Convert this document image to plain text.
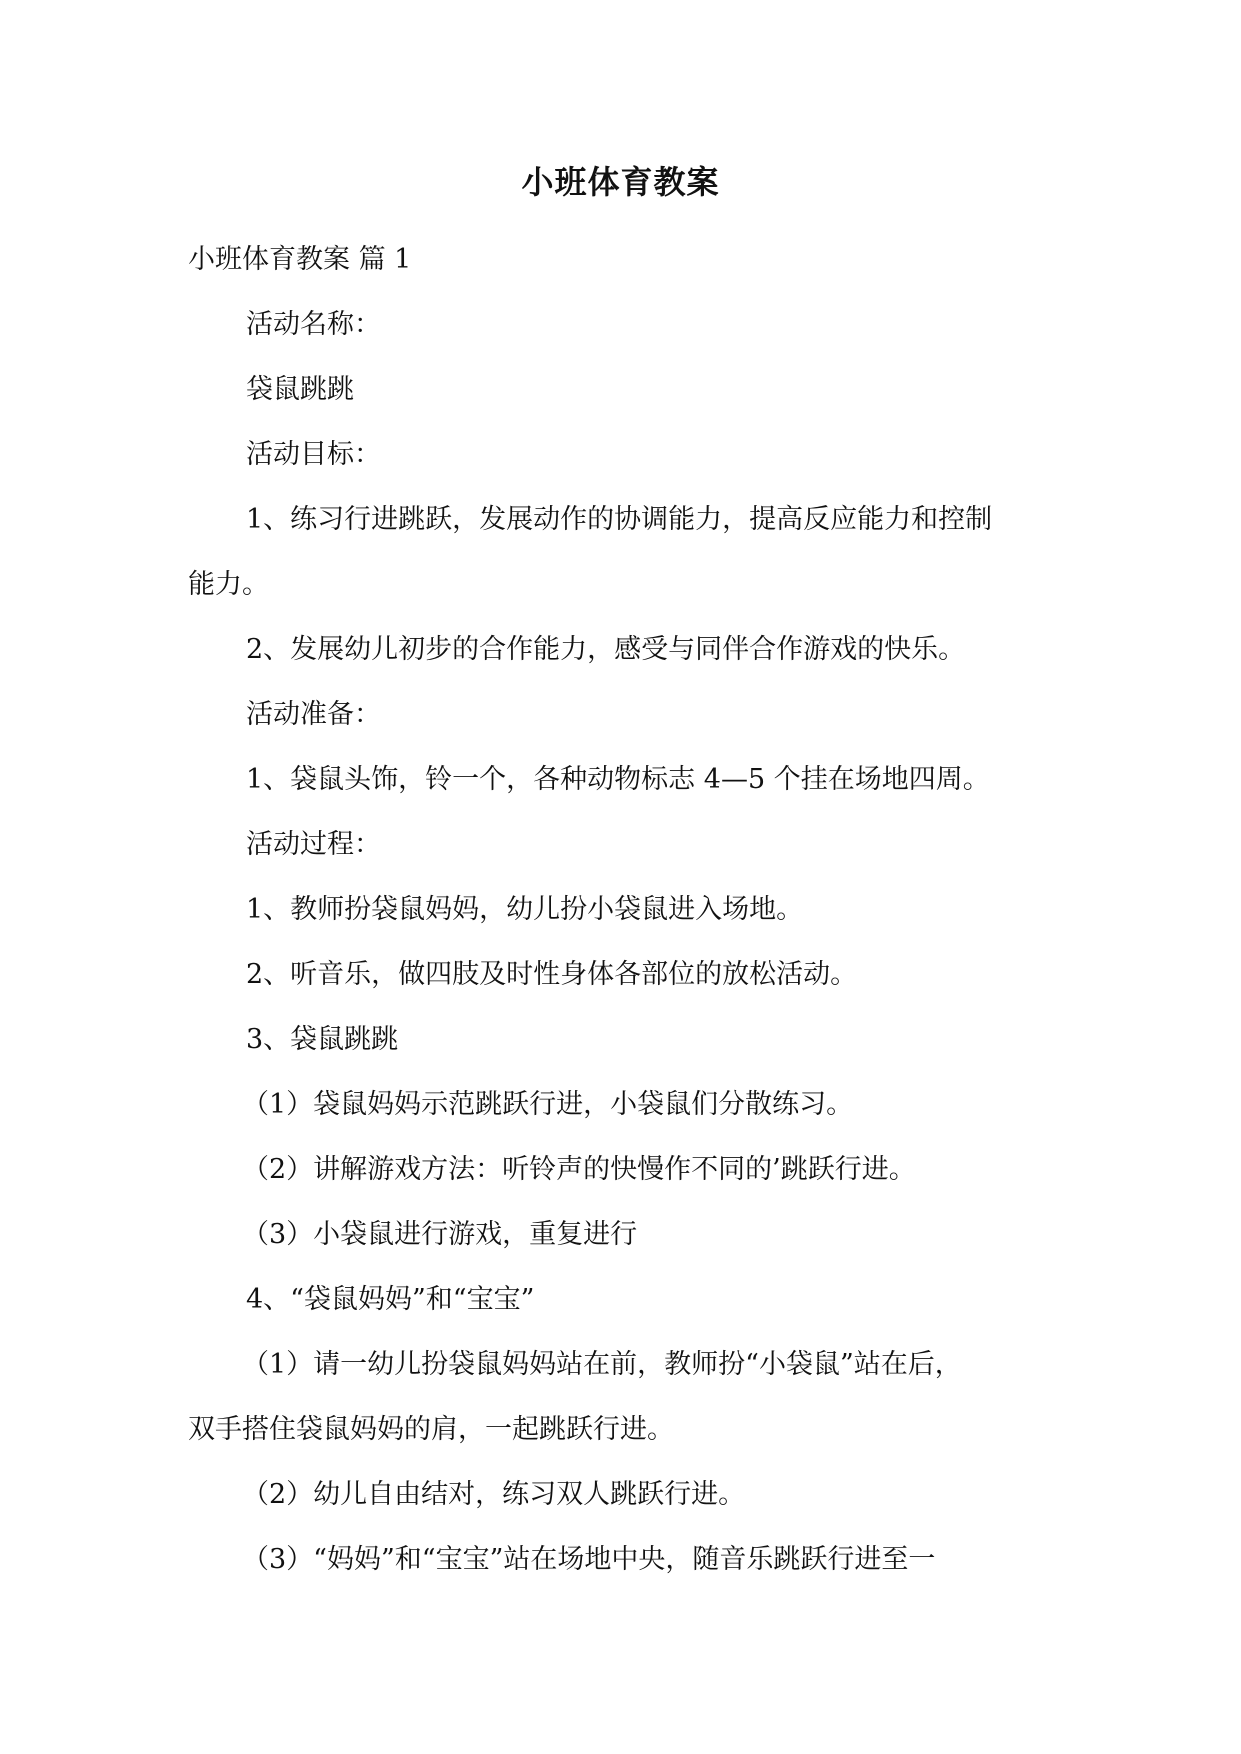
小班体育教案
小班体育教案 篇 1
活动名称：
袋鼠跳跳
活动目标：
1、练习行进跳跃，发展动作的协调能力，提高反应能力和控制
能力。
2、发展幼儿初步的合作能力，感受与同伴合作游戏的快乐。
活动准备：
1、袋鼠头饰，铃一个，各种动物标志 4—5 个挂在场地四周。
活动过程：
1、教师扮袋鼠妈妈，幼儿扮小袋鼠进入场地。
2、听音乐，做四肢及时性身体各部位的放松活动。
3、袋鼠跳跳
（1）袋鼠妈妈示范跳跃行进，小袋鼠们分散练习。
（2）讲解游戏方法：听铃声的快慢作不同的’跳跃行进。
（3）小袋鼠进行游戏，重复进行
4、“袋鼠妈妈”和“宝宝”
（1）请一幼儿扮袋鼠妈妈站在前，教师扮“小袋鼠”站在后，
双手搭住袋鼠妈妈的肩，一起跳跃行进。
（2）幼儿自由结对，练习双人跳跃行进。
（3）“妈妈”和“宝宝”站在场地中央，随音乐跳跃行进至一
